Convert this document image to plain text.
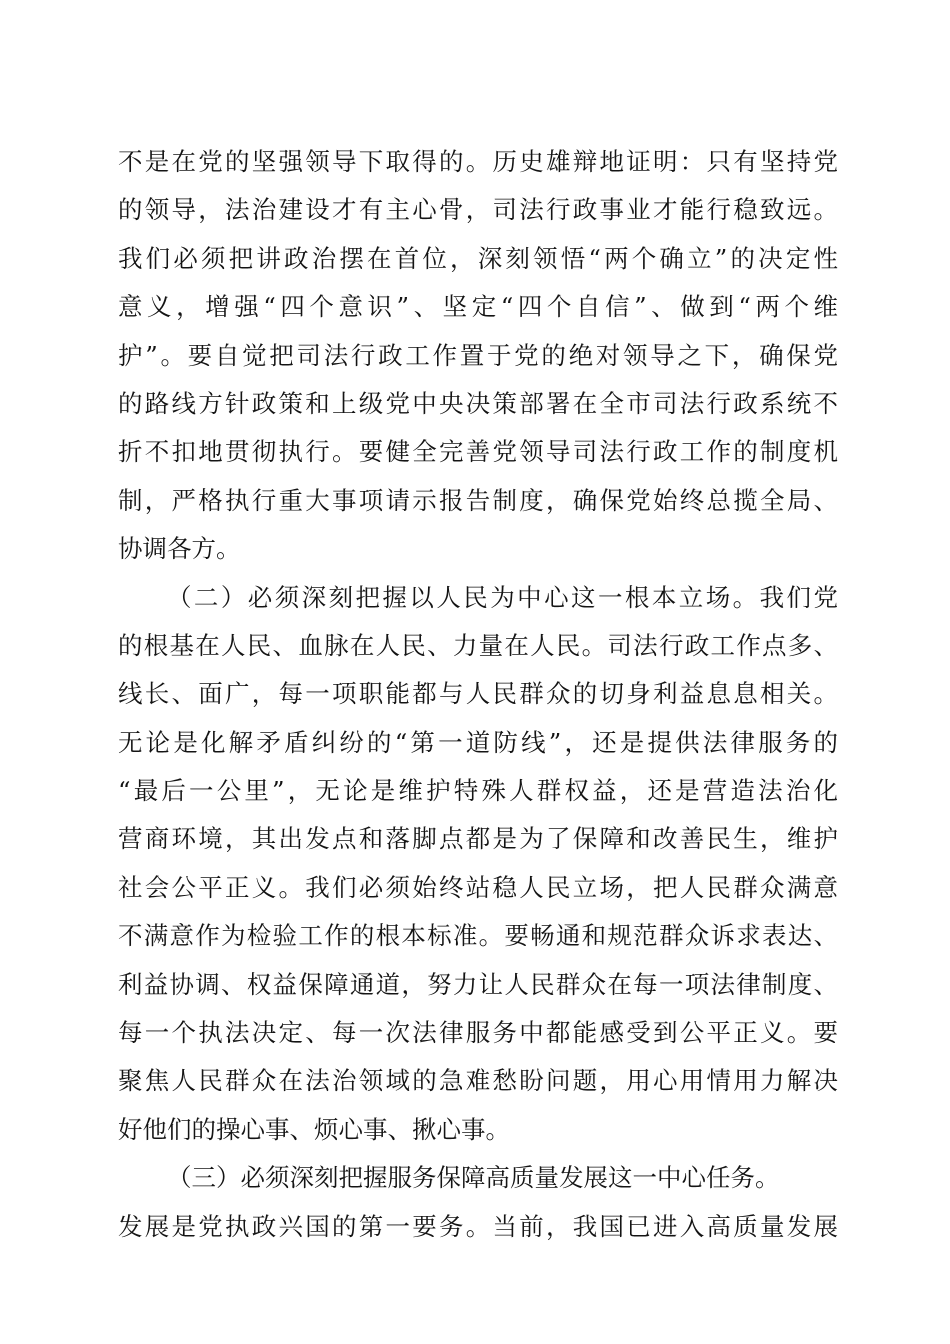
不是在党的坚强领导下取得的。历史雄辩地证明：只有坚持党
的领导，法治建设才有主心骨，司法行政事业才能行稳致远。
我们必须把讲政治摆在首位，深刻领悟“两个确立”的决定性
意义，增强“四个意识”、坚定“四个自信”、做到“两个维
护”。要自觉把司法行政工作置于党的绝对领导之下，确保党
的路线方针政策和上级党中央决策部署在全市司法行政系统不
折不扣地贯彻执行。要健全完善党领导司法行政工作的制度机
制，严格执行重大事项请示报告制度，确保党始终总揽全局、
协调各方。
（二）必须深刻把握以人民为中心这一根本立场。我们党
的根基在人民、血脉在人民、力量在人民。司法行政工作点多、
线长、面广，每一项职能都与人民群众的切身利益息息相关。
无论是化解矛盾纠纷的“第一道防线”，还是提供法律服务的
“最后一公里”，无论是维护特殊人群权益，还是营造法治化
营商环境，其出发点和落脚点都是为了保障和改善民生，维护
社会公平正义。我们必须始终站稳人民立场，把人民群众满意
不满意作为检验工作的根本标准。要畅通和规范群众诉求表达、
利益协调、权益保障通道，努力让人民群众在每一项法律制度、
每一个执法决定、每一次法律服务中都能感受到公平正义。要
聚焦人民群众在法治领域的急难愁盼问题，用心用情用力解决
好他们的操心事、烦心事、揪心事。
（三）必须深刻把握服务保障高质量发展这一中心任务。
发展是党执政兴国的第一要务。当前，我国已进入高质量发展
